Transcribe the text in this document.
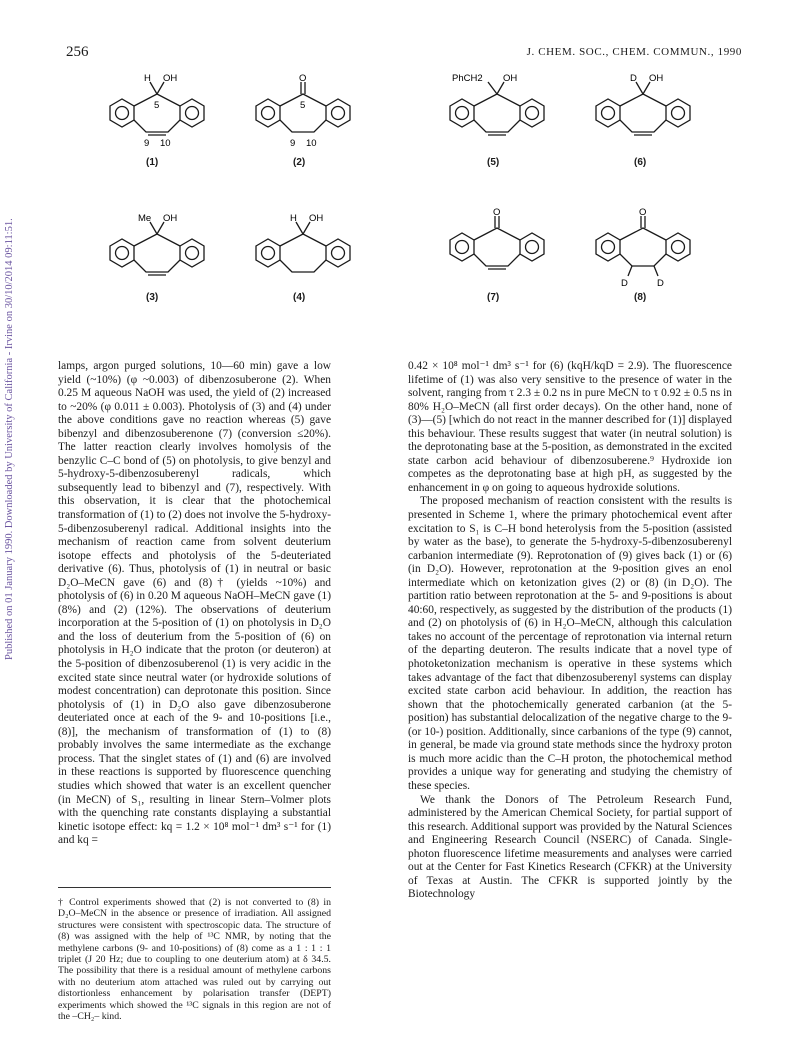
256	J. CHEM. SOC., CHEM. COMMUN., 1990
Published on 01 January 1990. Downloaded by University of California - Irvine on 30/10/2014 09:11:51.
H OH
5
9 10
(1)
O
5
9 10
(2)
PhCH2 OH
(5)
D OH
(6)
Me OH
(3)
H OH
(4)
O
(7)
O
D	D
(8)

lamps, argon purged solutions, 10—60 min) gave a low yield (~10%) (φ ~0.003) of dibenzosuberone (2). When 0.25 M aqueous NaOH was used, the yield of (2) increased to ~20% (φ 0.011 ± 0.003). Photolysis of (3) and (4) under the above conditions gave no reaction whereas (5) gave bibenzyl and dibenzosuberenone (7) (conversion ≤20%). The latter reaction clearly involves homolysis of the benzylic C–C bond of (5) on photolysis, to give benzyl and 5-hydroxy-5-dibenzosuberenyl radicals, which subsequently lead to bibenzyl and (7), respectively. With this observation, it is clear that the photochemical transformation of (1) to (2) does not involve the 5-hydroxy-5-dibenzosuberenyl radical. Additional insights into the mechanism of reaction came from solvent deuterium isotope effects and photolysis of the 5-deuteriated derivative (6). Thus, photolysis of (1) in neutral or basic D₂O–MeCN gave (6) and (8)† (yields ~10%) and photolysis of (6) in 0.20 M aqueous NaOH–MeCN gave (1) (8%) and (2) (12%). The observations of deuterium incorporation at the 5-position of (1) on photolysis in D₂O and the loss of deuterium from the 5-position of (6) on photolysis in H₂O indicate that the proton (or deuteron) at the 5-position of dibenzosuberenol (1) is very acidic in the excited state since neutral water (or hydroxide solutions of modest concentration) can deprotonate this position. Since photolysis of (1) in D₂O also gave dibenzosuberone deuteriated once at each of the 9- and 10-positions [i.e., (8)], the mechanism of transformation of (1) to (8) probably involves the same intermediate as the exchange process. That the singlet states of (1) and (6) are involved in these reactions is supported by fluorescence quenching studies which showed that water is an excellent quencher (in MeCN) of S₁, resulting in linear Stern–Volmer plots with the quenching rate constants displaying a substantial kinetic isotope effect: kq = 1.2 × 10⁸ mol⁻¹ dm³ s⁻¹ for (1) and kq =

0.42 × 10⁸ mol⁻¹ dm³ s⁻¹ for (6) (kqH/kqD = 2.9). The fluorescence lifetime of (1) was also very sensitive to the presence of water in the solvent, ranging from τ 2.3 ± 0.2 ns in pure MeCN to τ 0.92 ± 0.5 ns in 80% H₂O–MeCN (all first order decays). On the other hand, none of (3)—(5) [which do not react in the manner described for (1)] displayed this behaviour. These results suggest that water (in neutral solution) is the deprotonating base at the 5-position, as demonstrated in the excited state carbon acid behaviour of dibenzosuberene.⁹ Hydroxide ion competes as the deprotonating base at high pH, as suggested by the enhancement in φ on going to aqueous hydroxide solutions.

The proposed mechanism of reaction consistent with the results is presented in Scheme 1, where the primary photochemical event after excitation to S₁ is C–H bond heterolysis from the 5-position (assisted by water as the base), to generate the 5-hydroxy-5-dibenzosuberenyl carbanion intermediate (9). Reprotonation of (9) gives back (1) or (6) (in D₂O). However, reprotonation at the 9-position gives an enol intermediate which on ketonization gives (2) or (8) (in D₂O). The partition ratio between reprotonation at the 5- and 9-positions is about 40:60, respectively, as suggested by the distribution of the products (1) and (2) on photolysis of (6) in H₂O–MeCN, although this calculation takes no account of the percentage of reprotonation via internal return of the departing deuteron. The results indicate that a novel type of photoketonization mechanism is operative in these systems which takes advantage of the fact that dibenzosuberenyl systems can display excited state carbon acid behaviour. In addition, the reaction has shown that the photochemically generated carbanion (at the 5-position) has substantial delocalization of the negative charge to the 9- (or 10-) position. Additionally, since carbanions of the type (9) cannot, in general, be made via ground state methods since the hydroxy proton is much more acidic than the C–H proton, the photochemical method provides a unique way for generating and studying the chemistry of these species.

We thank the Donors of The Petroleum Research Fund, administered by the American Chemical Society, for partial support of this research. Additional support was provided by the Natural Sciences and Engineering Research Council (NSERC) of Canada. Single-photon fluorescence lifetime measurements and analyses were carried out at the Center for Fast Kinetics Research (CFKR) at the University of Texas at Austin. The CFKR is supported jointly by the Biotechnology

† Control experiments showed that (2) is not converted to (8) in D₂O–MeCN in the absence or presence of irradiation. All assigned structures were consistent with spectroscopic data. The structure of (8) was assigned with the help of ¹³C NMR, by noting that the methylene carbons (9- and 10-positions) of (8) come as a 1 : 1 : 1 triplet (J 20 Hz; due to coupling to one deuterium atom) at δ 34.5. The possibility that there is a residual amount of methylene carbons with no deuterium atom attached was ruled out by carrying out distortionless enhancement by polarisation transfer (DEPT) experiments which showed the ¹³C signals in this region are not of the –CH₂– kind.
